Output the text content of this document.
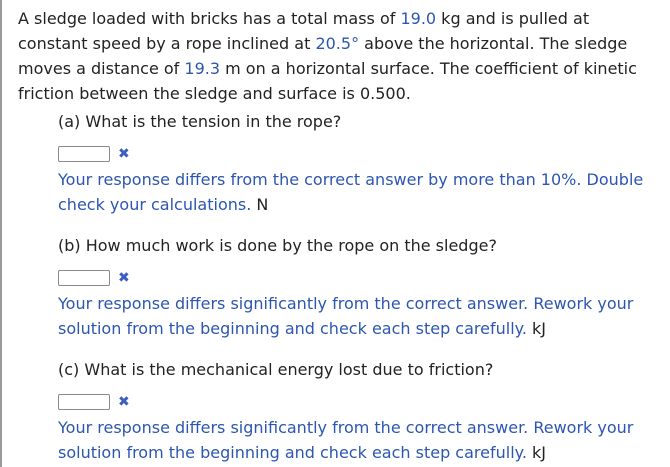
A sledge loaded with bricks has a total mass of 19.0 kg and is pulled at constant speed by a rope inclined at 20.5° above the horizontal. The sledge moves a distance of 19.3 m on a horizontal surface. The coefficient of kinetic friction between the sledge and surface is 0.500.
(a) What is the tension in the rope?
✖
Your response differs from the correct answer by more than 10%. Double check your calculations. N
(b) How much work is done by the rope on the sledge?
✖
Your response differs significantly from the correct answer. Rework your solution from the beginning and check each step carefully. kJ
(c) What is the mechanical energy lost due to friction?
✖
Your response differs significantly from the correct answer. Rework your solution from the beginning and check each step carefully. kJ
